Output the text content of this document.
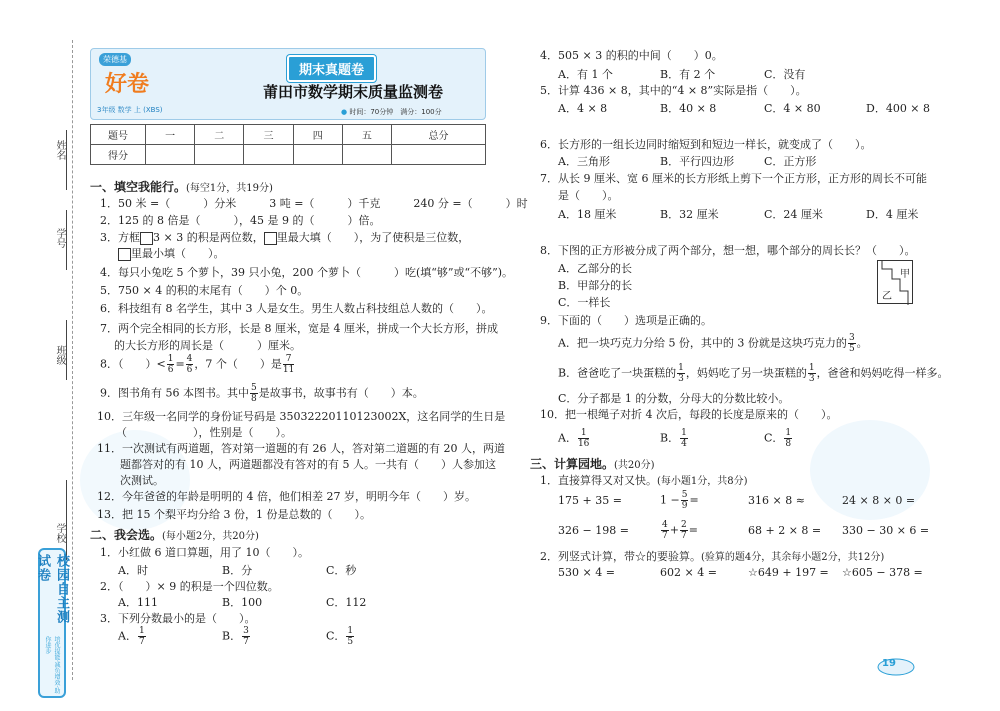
姓名
学号
班级
学校
校园自主测试卷
培优提能·减负增效·助你进步
荣德基
好卷
3年级 数学 上 (XBS)
期末真题卷
莆田市数学期末质量监测卷
● 时间：70分钟　满分：100分
题号	一	二	三	四	五	总分
得分						
一、填空我能行。(每空1分，共19分)
1．50 米 =（　　　）分米　　　3 吨 =（　　　）千克　　　240 分 =（　　　）时
2．125 的 8 倍是（　　　），45 是 9 的（　　　）倍。
3．方框 3 × 3 的积是两位数， 里最大填（　　），为了使积是三位数，
里最小填（　　）。
4．每只小兔吃 5 个萝卜，39 只小兔，200 个萝卜（　　　）吃(填“够”或“不够”)。
5．750 × 4 的积的末尾有（　　）个 0。
6．科技组有 8 名学生，其中 3 人是女生。男生人数占科技组总人数的（　　）。
7．两个完全相同的长方形，长是 8 厘米，宽是 4 厘米，拼成一个大长方形，拼成
的大长方形的周长是（　　　）厘米。
8．（　　）< $\frac{1}{6} = \frac{4}{6}$ ，7 个（　　）是 $\frac{7}{11}$
9．图书角有 56 本图书。其中 $\frac{5}{8}$ 是故事书，故事书有（　　）本。
10．三年级一名同学的身份证号码是 35032220110123002X，这名同学的生日是
（　　　　　　），性别是（　　）。
11．一次测试有两道题，答对第一道题的有 26 人，答对第二道题的有 20 人，两道
题都答对的有 10 人，两道题都没有答对的有 5 人。一共有（　　）人参加这
次测试。
12．今年爸爸的年龄是明明的 4 倍，他们相差 27 岁，明明今年（　　）岁。
13．把 15 个梨平均分给 3 份，1 份是总数的（　　）。
二、我会选。(每小题2分，共20分)
1．小红做 6 道口算题，用了 10（　　）。
A．时	B．分	C．秒
2．（　　）× 9 的积是一个四位数。
A．111	B．100	C．112
3．下列分数最小的是（　　）。
A． $\frac{1}{7}$	B． $\frac{3}{7}$	C． $\frac{1}{5}$
4．505 × 3 的积的中间（　　）0。
A．有 1 个	B．有 2 个	C．没有
5．计算 436 × 8，其中的“4 × 8”实际是指（　　）。
A．4 × 8	B．40 × 8	C．4 × 80	D．400 × 8
6．长方形的一组长边同时缩短到和短边一样长，就变成了（　　）。
A．三角形	B．平行四边形	C．正方形
7．从长 9 厘米、宽 6 厘米的长方形纸上剪下一个正方形，正方形的周长不可能
是（　　）。
A．18 厘米	B．32 厘米	C．24 厘米	D．4 厘米
8．下图的正方形被分成了两个部分，想一想，哪个部分的周长长？（　　）。
A．乙部分的长
B．甲部分的长
C．一样长
甲
乙
9．下面的（　　）选项是正确的。
A．把一块巧克力分给 5 份，其中的 3 份就是这块巧克力的 $\frac{3}{5}$ 。
B．爸爸吃了一块蛋糕的 $\frac{1}{3}$ ，妈妈吃了另一块蛋糕的 $\frac{1}{3}$ ，爸爸和妈妈吃得一样多。
C．分子都是 1 的分数，分母大的分数比较小。
10．把一根绳子对折 4 次后，每段的长度是原来的（　　）。
A． $\frac{1}{16}$	B． $\frac{1}{4}$	C． $\frac{1}{8}$
三、计算园地。(共20分)
1．直接算得又对又快。(每小题1分，共8分)
175 + 35 =	$1 - \frac{5}{9}$ =	316 × 8 ≈	24 × 8 × 0 =
326 − 198 =	$\frac{4}{7} + \frac{2}{7}$ =	68 + 2 × 8 = 330 − 30 × 6 =
2．列竖式计算，带☆的要验算。(验算的题4分，其余每小题2分，共12分)
530 × 4 =	602 × 4 =	☆649 + 197 = ☆605 − 378 =
19
